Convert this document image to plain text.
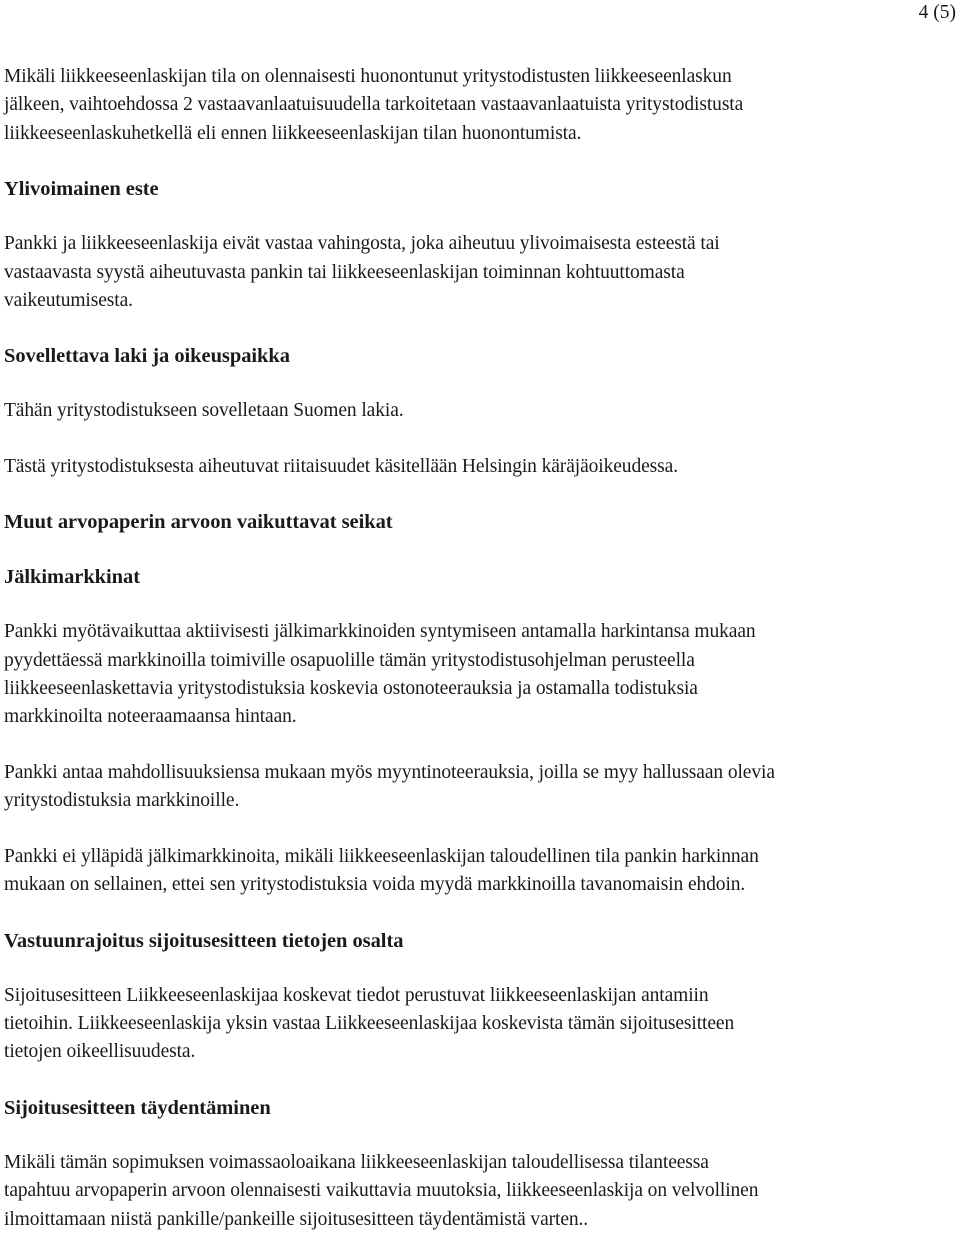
4 (5)

Mikäli liikkeeseenlaskijan tila on olennaisesti huonontunut yritystodistusten liikkeeseenlaskun
jälkeen, vaihtoehdossa 2 vastaavanlaatuisuudella tarkoitetaan vastaavanlaatuista yritystodistusta
liikkeeseenlaskuhetkellä eli ennen liikkeeseenlaskijan tilan huonontumista.

Ylivoimainen este

Pankki ja liikkeeseenlaskija eivät vastaa vahingosta, joka aiheutuu ylivoimaisesta esteestä tai
vastaavasta syystä aiheutuvasta pankin tai liikkeeseenlaskijan toiminnan kohtuuttomasta
vaikeutumisesta.

Sovellettava laki ja oikeuspaikka

Tähän yritystodistukseen sovelletaan Suomen lakia.

Tästä yritystodistuksesta aiheutuvat riitaisuudet käsitellään Helsingin käräjäoikeudessa.

Muut arvopaperin arvoon vaikuttavat seikat
Jälkimarkkinat

Pankki myötävaikuttaa aktiivisesti jälkimarkkinoiden syntymiseen antamalla harkintansa mukaan
pyydettäessä markkinoilla toimiville osapuolille tämän yritystodistusohjelman perusteella
liikkeeseenlaskettavia yritystodistuksia koskevia ostonoteerauksia ja ostamalla todistuksia
markkinoilta noteeraamaansa hintaan.

Pankki antaa mahdollisuuksiensa mukaan myös myyntinoteerauksia, joilla se myy hallussaan olevia
yritystodistuksia markkinoille.

Pankki ei ylläpidä jälkimarkkinoita, mikäli liikkeeseenlaskijan taloudellinen tila pankin harkinnan
mukaan on sellainen, ettei sen yritystodistuksia voida myydä markkinoilla tavanomaisin ehdoin.

Vastuunrajoitus sijoitusesitteen tietojen osalta

Sijoitusesitteen Liikkeeseenlaskijaa koskevat tiedot perustuvat liikkeeseenlaskijan antamiin
tietoihin. Liikkeeseenlaskija yksin vastaa Liikkeeseenlaskijaa koskevista tämän sijoitusesitteen
tietojen oikeellisuudesta.

Sijoitusesitteen täydentäminen

Mikäli tämän sopimuksen voimassaoloaikana liikkeeseenlaskijan taloudellisessa tilanteessa
tapahtuu arvopaperin arvoon olennaisesti vaikuttavia muutoksia, liikkeeseenlaskija on velvollinen
ilmoittamaan niistä pankille/pankeille sijoitusesitteen täydentämistä varten..
